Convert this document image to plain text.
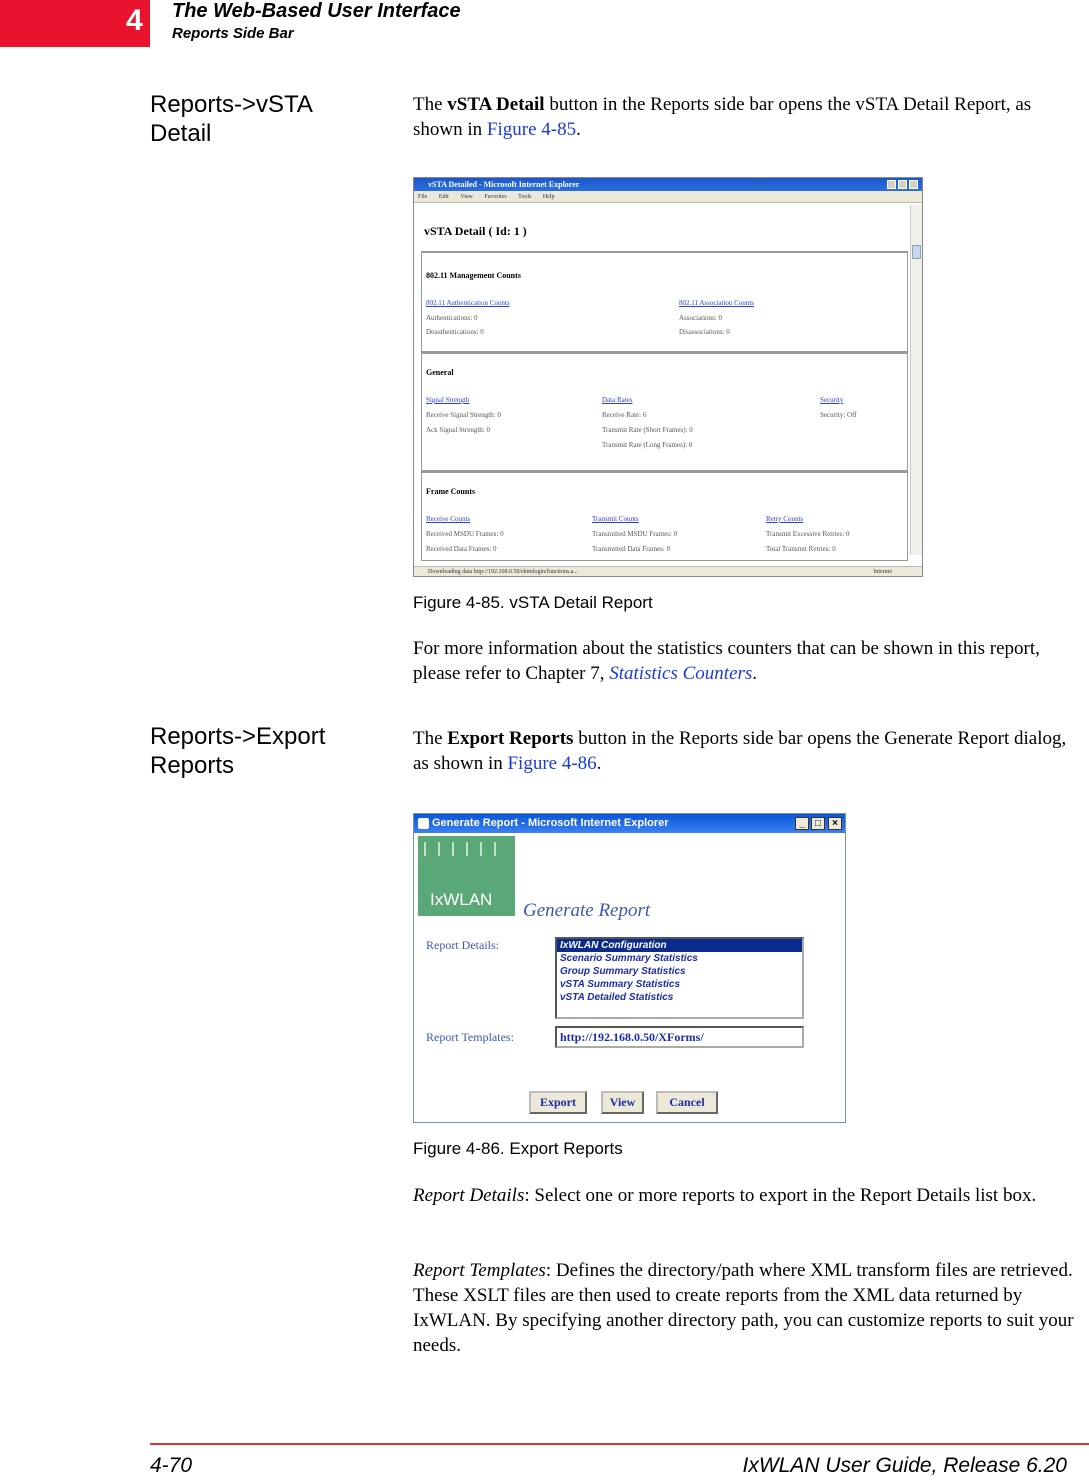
4 The Web-Based User Interface
Reports Side Bar
Reports->vSTA
Detail
The vSTA Detail button in the Reports side bar opens the vSTA Detail Report, as shown in Figure 4-85.
vSTA Detailed - Microsoft Internet Explorer
File Edit View Favorites Tools Help
vSTA Detail ( Id: 1 )
802.11 Management Counts
802.11 Authentication Counts
Authentications: 0
Deauthentications: 0
802.11 Association Counts
Associations: 0
Disassociations: 0
General
Signal Strength
Receive Signal Strength: 0
Ack Signal Strength: 0
Data Rates
Receive Rate: 6
Transmit Rate (Short Frames): 0
Transmit Rate (Long Frames): 0
Security
Security: Off
Frame Counts
Receive Counts
Received MSDU Frames: 0
Received Data Frames: 0
Transmit Counts
Transmitted MSDU Frames: 0
Transmitted Data Frames: 0
Retry Counts
Transmit Excessive Retries: 0
Total Transmit Retries: 0
Downloading data http://192.168.0.50/shimlogin/functions.a...	Internet
Figure 4-85. vSTA Detail Report
For more information about the statistics counters that can be shown in this report, please refer to Chapter 7, Statistics Counters.
Reports->Export
Reports
The Export Reports button in the Reports side bar opens the Generate Report dialog, as shown in Figure 4-86.
Generate Report - Microsoft Internet Explorer	_	□	×
IxWLAN
Generate Report
Report Details:	IxWLAN Configuration
Scenario Summary Statistics
Group Summary Statistics
vSTA Summary Statistics
vSTA Detailed Statistics
Report Templates:	http://192.168.0.50/XForms/
Export	View	Cancel
Figure 4-86. Export Reports
Report Details: Select one or more reports to export in the Report Details list box.
Report Templates: Defines the directory/path where XML transform files are retrieved. These XSLT files are then used to create reports from the XML data returned by IxWLAN. By specifying another directory path, you can customize reports to suit your needs.
4-70	IxWLAN User Guide, Release 6.20
